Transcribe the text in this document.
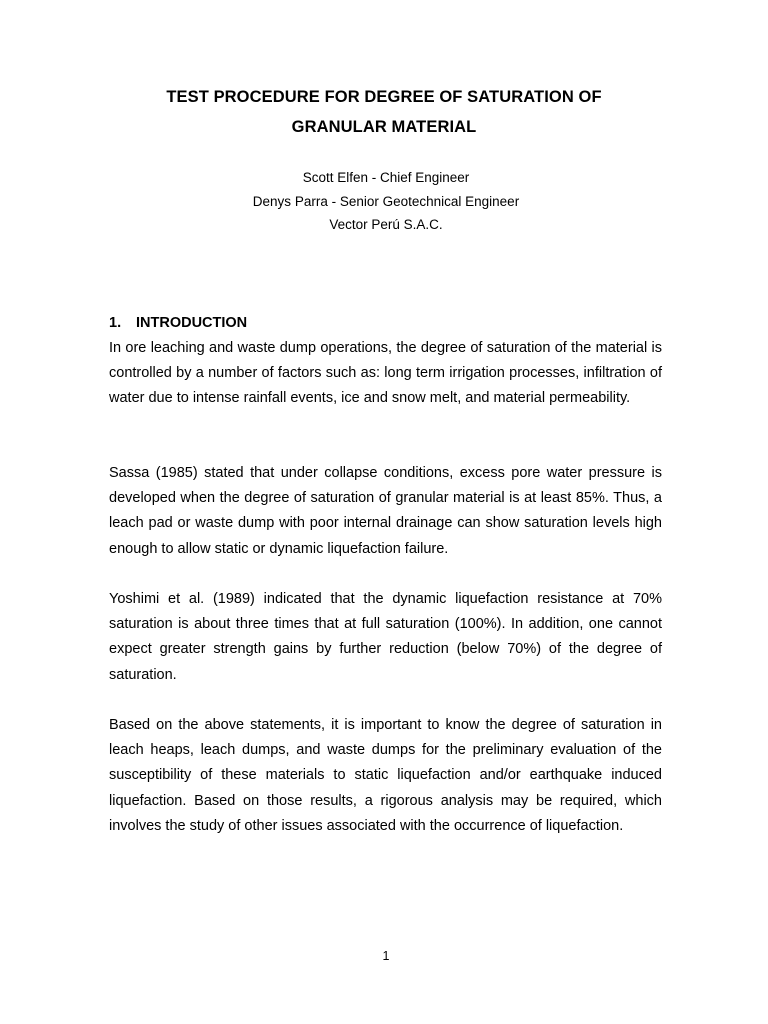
TEST PROCEDURE FOR DEGREE OF SATURATION OF
GRANULAR MATERIAL
Scott Elfen - Chief Engineer
Denys Parra - Senior Geotechnical Engineer
Vector Perú S.A.C.
1. INTRODUCTION

In ore leaching and waste dump operations, the degree of saturation of the material is controlled by a number of factors such as: long term irrigation processes, infiltration of water due to intense rainfall events, ice and snow melt, and material permeability.

Sassa (1985) stated that under collapse conditions, excess pore water pressure is developed when the degree of saturation of granular material is at least 85%. Thus, a leach pad or waste dump with poor internal drainage can show saturation levels high enough to allow static or dynamic liquefaction failure.

Yoshimi et al. (1989) indicated that the dynamic liquefaction resistance at 70% saturation is about three times that at full saturation (100%). In addition, one cannot expect greater strength gains by further reduction (below 70%) of the degree of saturation.

Based on the above statements, it is important to know the degree of saturation in leach heaps, leach dumps, and waste dumps for the preliminary evaluation of the susceptibility of these materials to static liquefaction and/or earthquake induced liquefaction. Based on those results, a rigorous analysis may be required, which involves the study of other issues associated with the occurrence of liquefaction.

1
